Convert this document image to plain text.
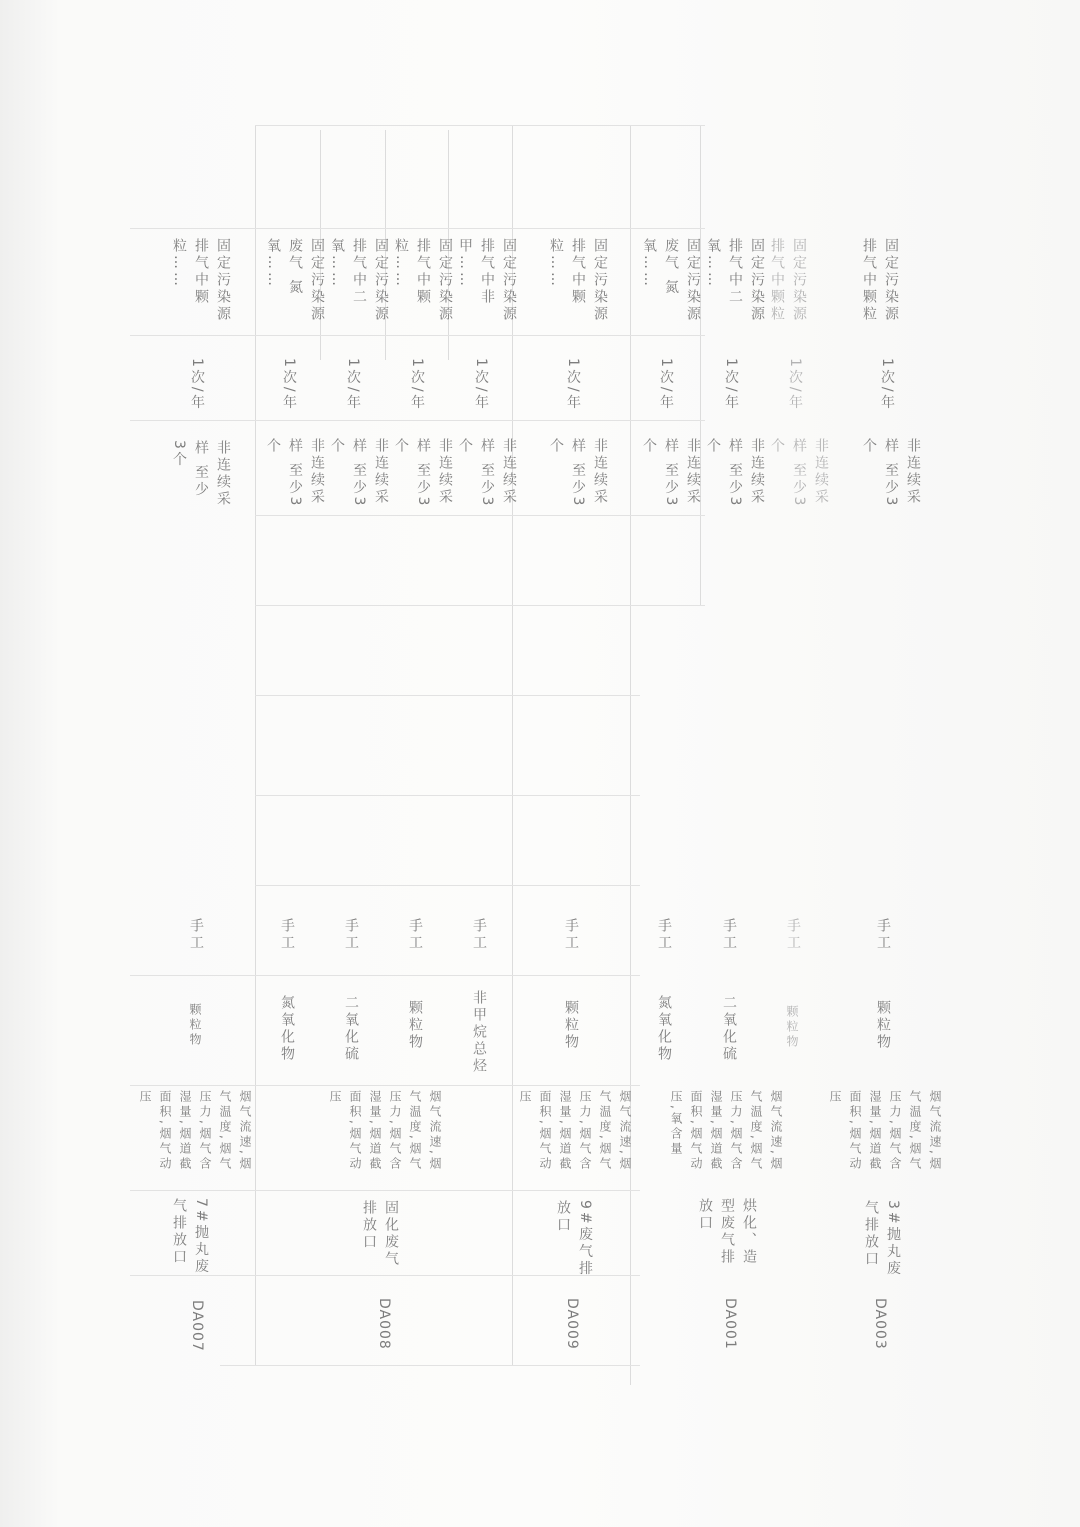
DA007
7#抛丸废气排放口
烟气流速,烟气温度,烟气压力,烟气含湿量,烟道截面积,烟气动压
颗粒物
手工
非连续采样 至少3个
1次/年
固定污染源排气中颗粒……
DA008
固化废气排放口
烟气流速,烟气温度,烟气压力,烟气含湿量,烟道截面积,烟气动压
氮氧化物
手工
非连续采样 至少3个
1次/年
固定污染源废气 氮氧……
二氧化硫
手工
非连续采样 至少3个
1次/年
固定污染源排气中二氧……
颗粒物
手工
非连续采样 至少3个
1次/年
固定污染源排气中颗粒……
非甲烷总烃
手工
非连续采样 至少3个
1次/年
固定污染源排气中非甲……
DA009
9#废气排放口
烟气流速,烟气温度,烟气压力,烟气含湿量,烟道截面积,烟气动压
颗粒物
手工
非连续采样 至少3个
1次/年
固定污染源排气中颗粒……
DA001
烘化、造型废气排放口
烟气流速,烟气温度,烟气压力,烟气含湿量,烟道截面积,烟气动压,氧含量
氮氧化物
手工
非连续采样 至少3个
1次/年
固定污染源废气 氮氧……
二氧化硫
手工
非连续采样 至少3个
1次/年
固定污染源排气中二氧……
颗粒物
手工
非连续采样 至少3个
1次/年
固定污染源排气中颗粒
DA003
3#抛丸废气排放口
烟气流速,烟气温度,烟气压力,烟气含湿量,烟道截面积,烟气动压
颗粒物
手工
非连续采样 至少3个
1次/年
固定污染源排气中颗粒
